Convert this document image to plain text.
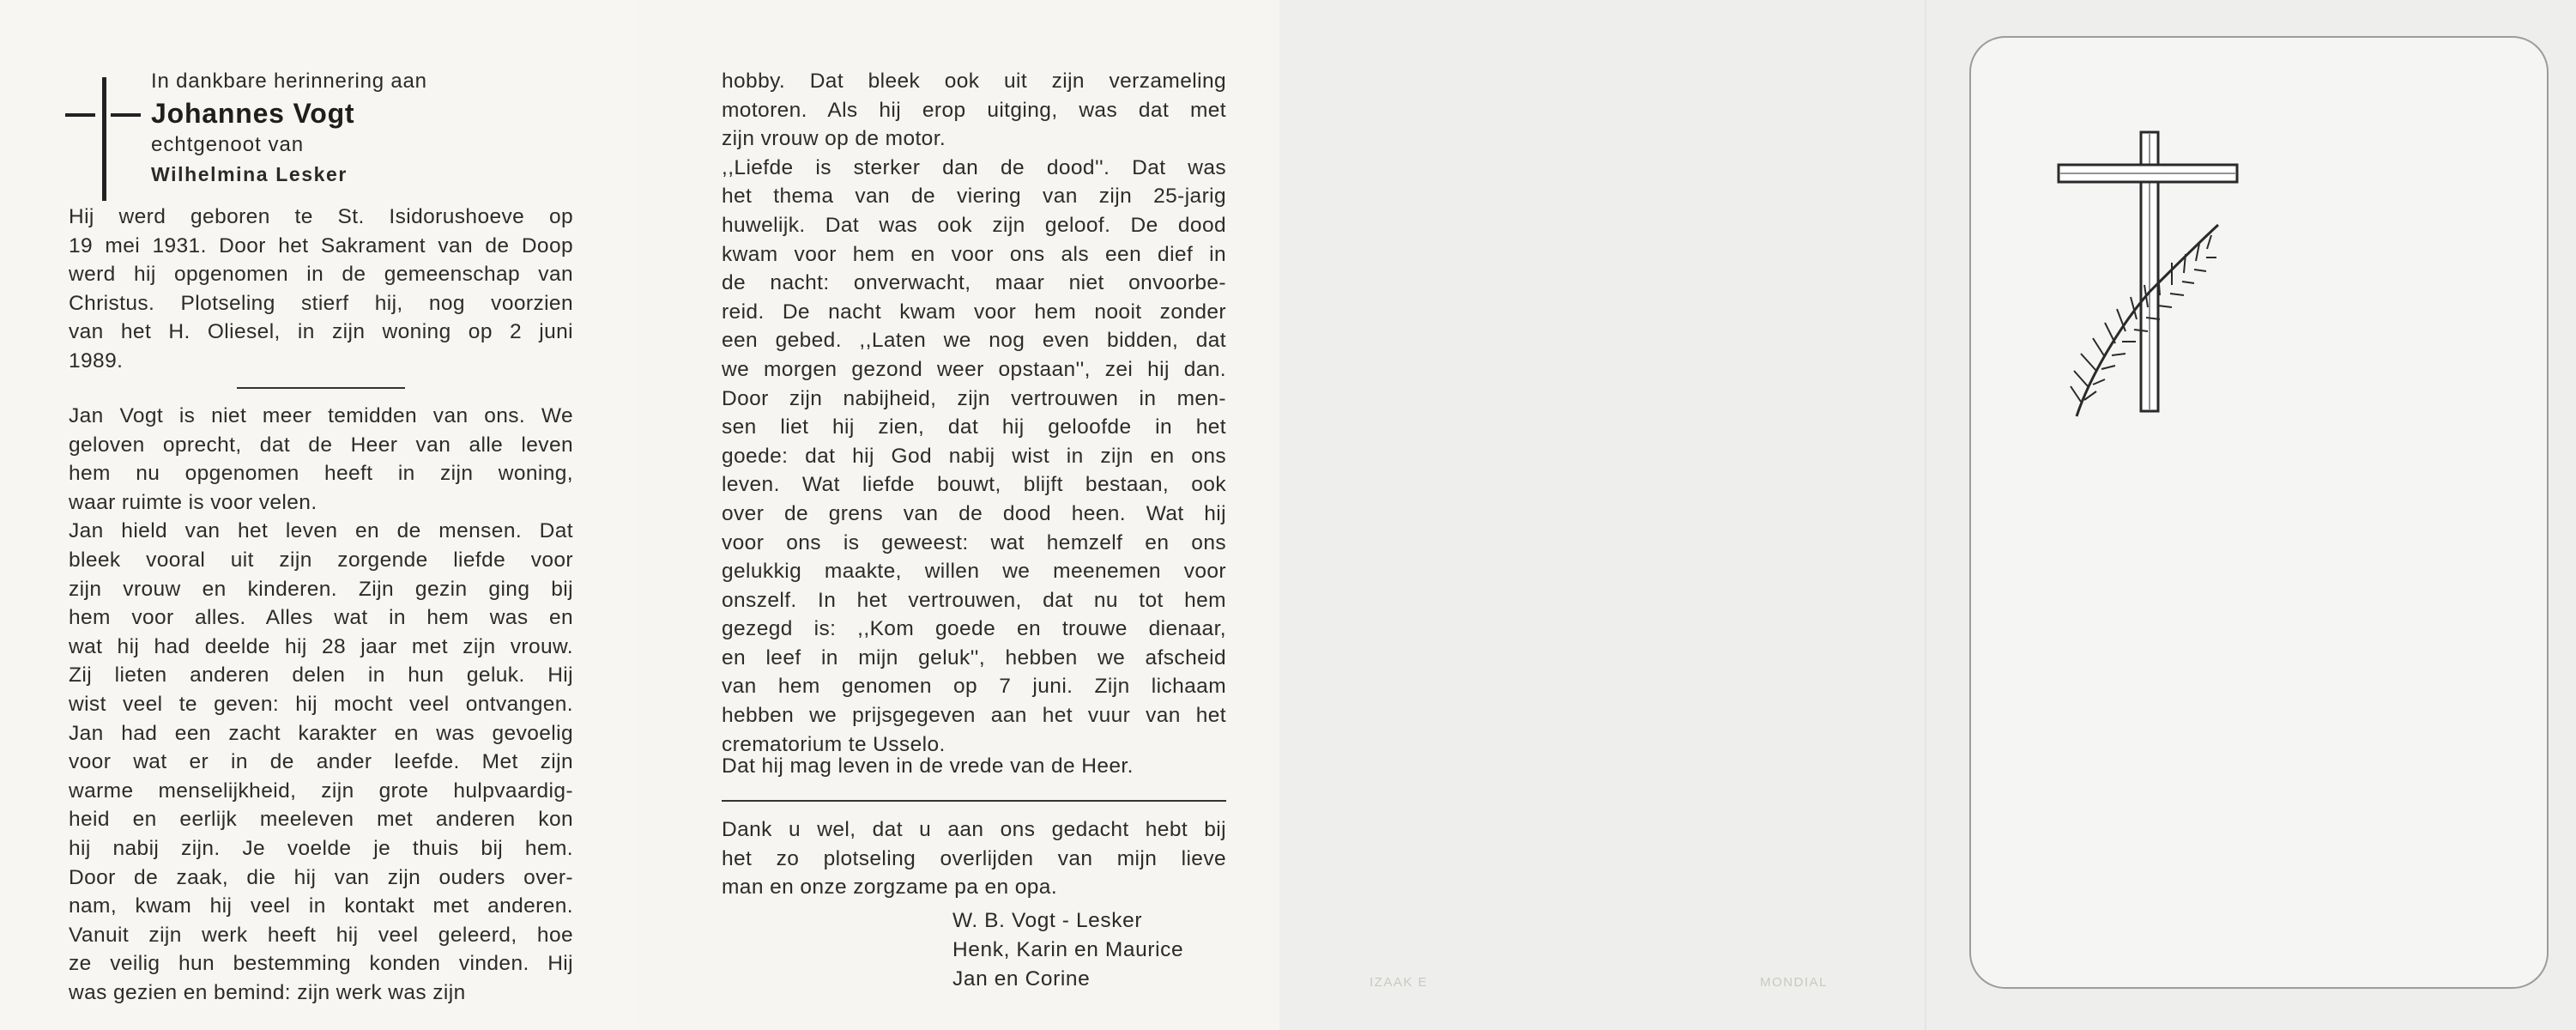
In dankbare herinnering aan
Johannes Vogt
echtgenoot van
Wilhelmina Lesker
Hij werd geboren te St. Isidorushoeve op
19 mei 1931. Door het Sakrament van de Doop
werd hij opgenomen in de gemeenschap van
Christus. Plotseling stierf hij, nog voorzien
van het H. Oliesel, in zijn woning op 2 juni
1989.
Jan Vogt is niet meer temidden van ons. We
geloven oprecht, dat de Heer van alle leven
hem nu opgenomen heeft in zijn woning,
waar ruimte is voor velen.
Jan hield van het leven en de mensen. Dat
bleek vooral uit zijn zorgende liefde voor
zijn vrouw en kinderen. Zijn gezin ging bij
hem voor alles. Alles wat in hem was en
wat hij had deelde hij 28 jaar met zijn vrouw.
Zij lieten anderen delen in hun geluk. Hij
wist veel te geven: hij mocht veel ontvangen.
Jan had een zacht karakter en was gevoelig
voor wat er in de ander leefde. Met zijn
warme menselijkheid, zijn grote hulpvaardig-
heid en eerlijk meeleven met anderen kon
hij nabij zijn. Je voelde je thuis bij hem.
Door de zaak, die hij van zijn ouders over-
nam, kwam hij veel in kontakt met anderen.
Vanuit zijn werk heeft hij veel geleerd, hoe
ze veilig hun bestemming konden vinden. Hij
was gezien en bemind: zijn werk was zijn
hobby. Dat bleek ook uit zijn verzameling
motoren. Als hij erop uitging, was dat met
zijn vrouw op de motor.
,,Liefde is sterker dan de dood''. Dat was
het thema van de viering van zijn 25-jarig
huwelijk. Dat was ook zijn geloof. De dood
kwam voor hem en voor ons als een dief in
de nacht: onverwacht, maar niet onvoorbe-
reid. De nacht kwam voor hem nooit zonder
een gebed. ,,Laten we nog even bidden, dat
we morgen gezond weer opstaan'', zei hij dan.
Door zijn nabijheid, zijn vertrouwen in men-
sen liet hij zien, dat hij geloofde in het
goede: dat hij God nabij wist in zijn en ons
leven. Wat liefde bouwt, blijft bestaan, ook
over de grens van de dood heen. Wat hij
voor ons is geweest: wat hemzelf en ons
gelukkig maakte, willen we meenemen voor
onszelf. In het vertrouwen, dat nu tot hem
gezegd is: ,,Kom goede en trouwe dienaar,
en leef in mijn geluk'', hebben we afscheid
van hem genomen op 7 juni. Zijn lichaam
hebben we prijsgegeven aan het vuur van het
crematorium te Usselo.
Dat hij mag leven in de vrede van de Heer.
Dank u wel, dat u aan ons gedacht hebt bij
het zo plotseling overlijden van mijn lieve
man en onze zorgzame pa en opa.
W. B. Vogt - Lesker
Henk, Karin en Maurice
Jan en Corine	IZAAK E	MONDIAL
